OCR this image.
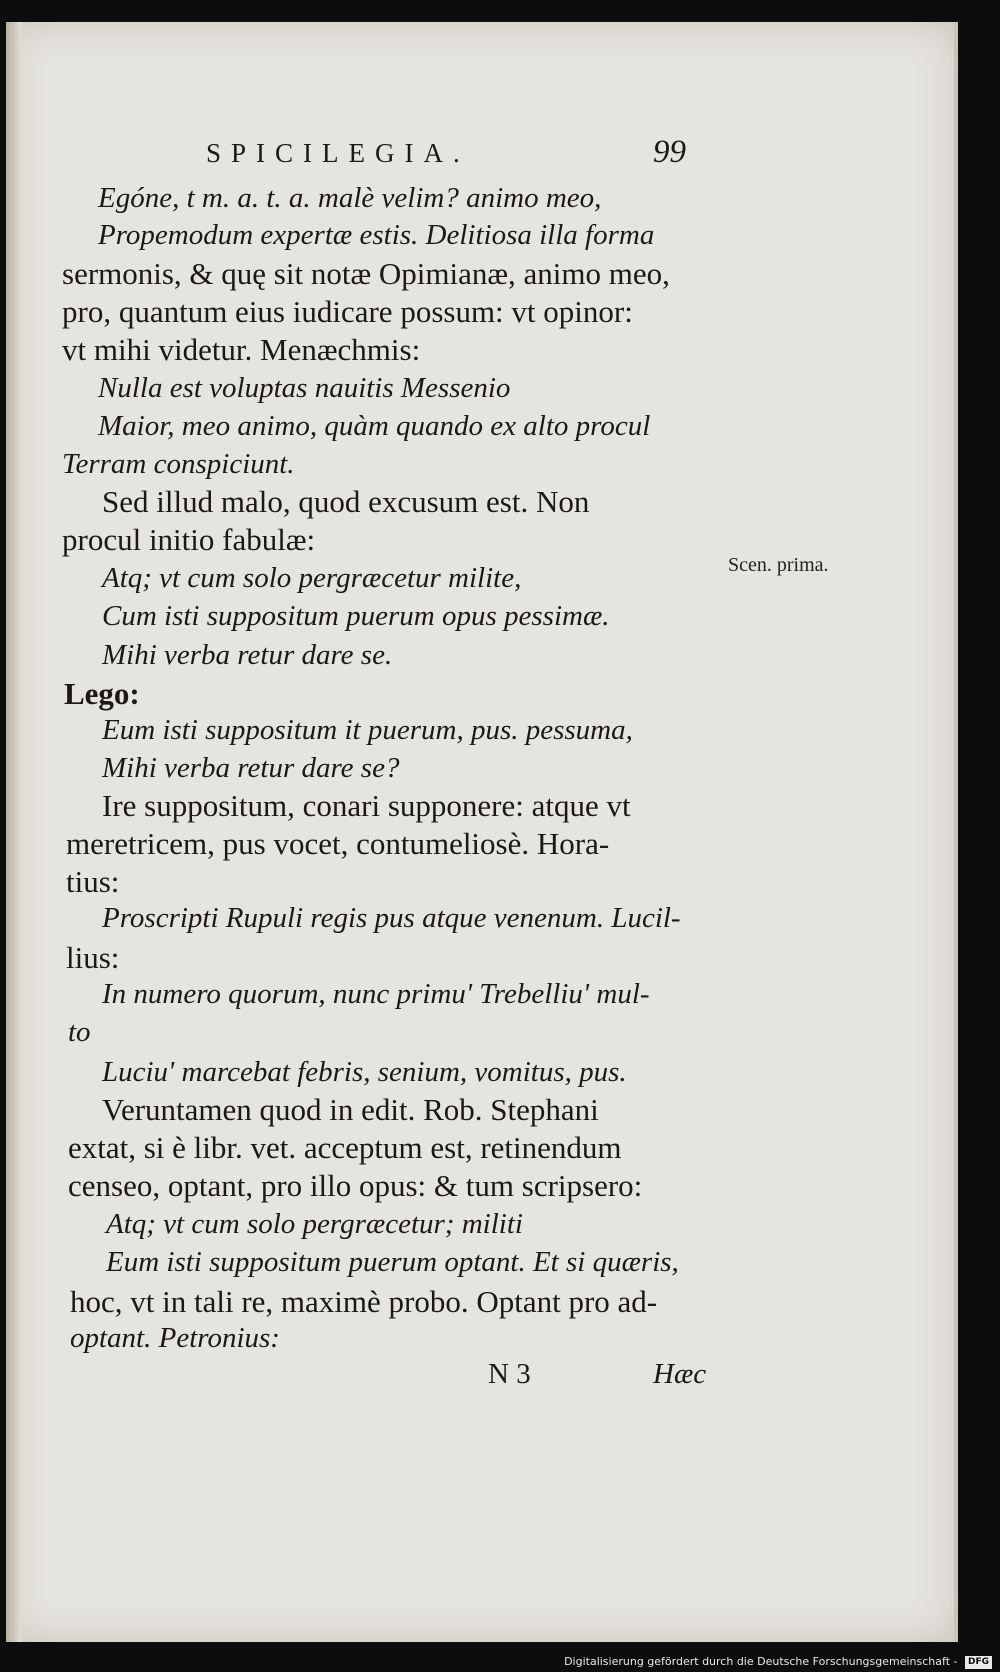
SPICILEGIA.	99
Egóne, t m. a. t. a. malè velim? animo meo,
Propemodum expertæ estis. Delitiosa illa forma
sermonis, & quę sit notæ Opimianæ, animo meo,
pro, quantum eius iudicare possum: vt opinor:
vt mihi videtur. Menæchmis:
Nulla est voluptas nauitis Messenio
Maior, meo animo, quàm quando ex alto procul
Terram conspiciunt.
Sed illud malo, quod excusum est. Non
procul initio fabulæ:
Atq; vt cum solo pergræcetur milite,
Cum isti suppositum puerum opus pessimæ.
Mihi verba retur dare se.
Lego:
Eum isti suppositum it puerum, pus. pessuma,
Mihi verba retur dare se?
Ire suppositum, conari supponere: atque vt
meretricem, pus vocet, contumeliosè. Hora-
tius:
Proscripti Rupuli regis pus atque venenum. Lucil-
lius:
In numero quorum, nunc primu' Trebelliu' mul-
to
Luciu' marcebat febris, senium, vomitus, pus.
Veruntamen quod in edit. Rob. Stephani
extat, si è libr. vet. acceptum est, retinendum
censeo, optant, pro illo opus: & tum scripsero:
Atq; vt cum solo pergræcetur; militi
Eum isti suppositum puerum optant. Et si quæris,
hoc, vt in tali re, maximè probo. Optant pro ad-
optant. Petronius:
Scen. prima.
N 3	Hæc
Digitalisierung gefördert durch die Deutsche Forschungsgemeinschaft - DFG
